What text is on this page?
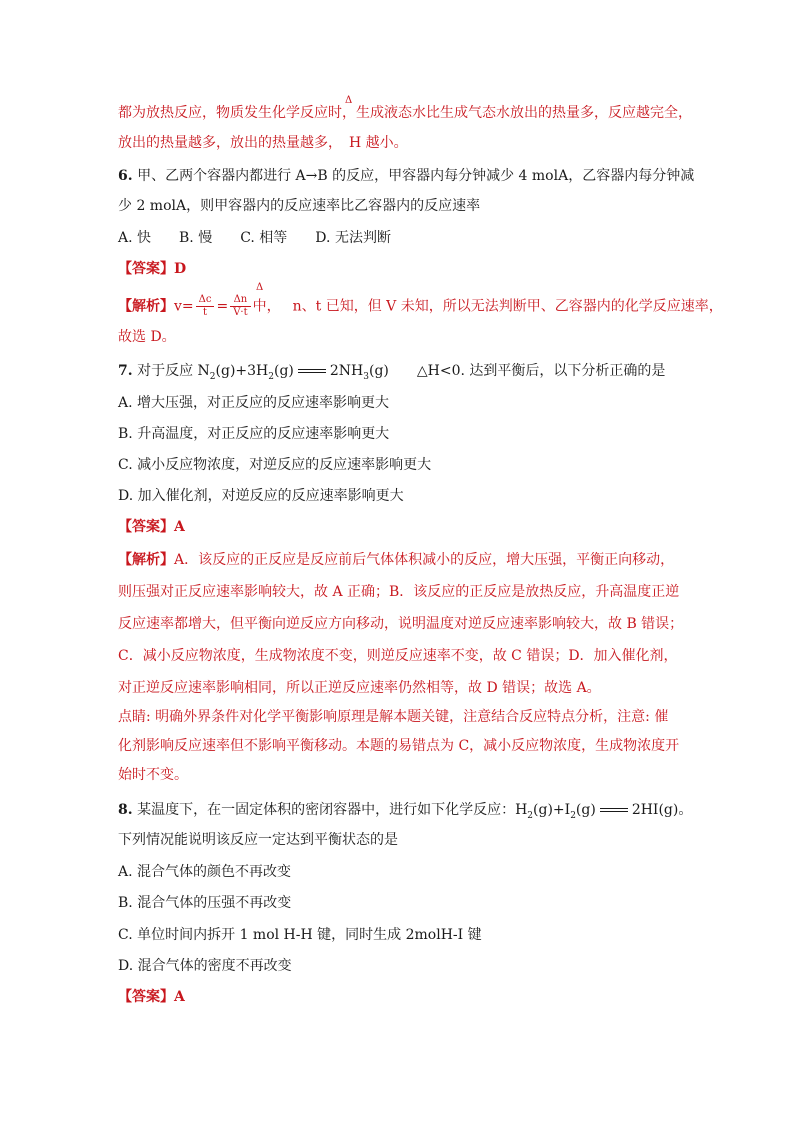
Δ
都为放热反应，物质发生化学反应时，生成液态水比生成气态水放出的热量多，反应越完全，
放出的热量越多，放出的热量越多，　H 越小。
6. 甲、乙两个容器内都进行 A→B 的反应，甲容器内每分钟减少 4 molA，乙容器内每分钟减
少 2 molA，则甲容器内的反应速率比乙容器内的反应速率
A. 快　　B. 慢　　C. 相等　　D. 无法判断
【答案】D
Δ
【解析】$v= \frac{\Delta c}{t} = \frac{\Delta n}{V\cdot t}$ 中， n、t 已知，但 V 未知，所以无法判断甲、乙容器内的化学反应速率，
故选 D。
7. 对于反应 $N_2(g)+3H_2(g)$	$2NH_3(g)$　　△H<0. 达到平衡后，以下分析正确的是
A. 增大压强，对正反应的反应速率影响更大
B. 升高温度，对正反应的反应速率影响更大
C. 减小反应物浓度，对逆反应的反应速率影响更大
D. 加入催化剂，对逆反应的反应速率影响更大
【答案】A
【解析】A．该反应的正反应是反应前后气体体积减小的反应，增大压强，平衡正向移动，
则压强对正反应速率影响较大，故 A 正确；B．该反应的正反应是放热反应，升高温度正逆
反应速率都增大，但平衡向逆反应方向移动，说明温度对逆反应速率影响较大，故 B 错误；
C．减小反应物浓度，生成物浓度不变，则逆反应速率不变，故 C 错误；D．加入催化剂，
对正逆反应速率影响相同，所以正逆反应速率仍然相等，故 D 错误；故选 A。
点睛: 明确外界条件对化学平衡影响原理是解本题关键，注意结合反应特点分析，注意: 催
化剂影响反应速率但不影响平衡移动。本题的易错点为 C，减小反应物浓度，生成物浓度开
始时不变。
8. 某温度下，在一固定体积的密闭容器中，进行如下化学反应：$H_2(g)+I_2(g)$	2HI(g)。
下列情况能说明该反应一定达到平衡状态的是
A. 混合气体的颜色不再改变
B. 混合气体的压强不再改变
C. 单位时间内拆开 1 mol H-H 键，同时生成 2molH-I 键
D. 混合气体的密度不再改变
【答案】A
